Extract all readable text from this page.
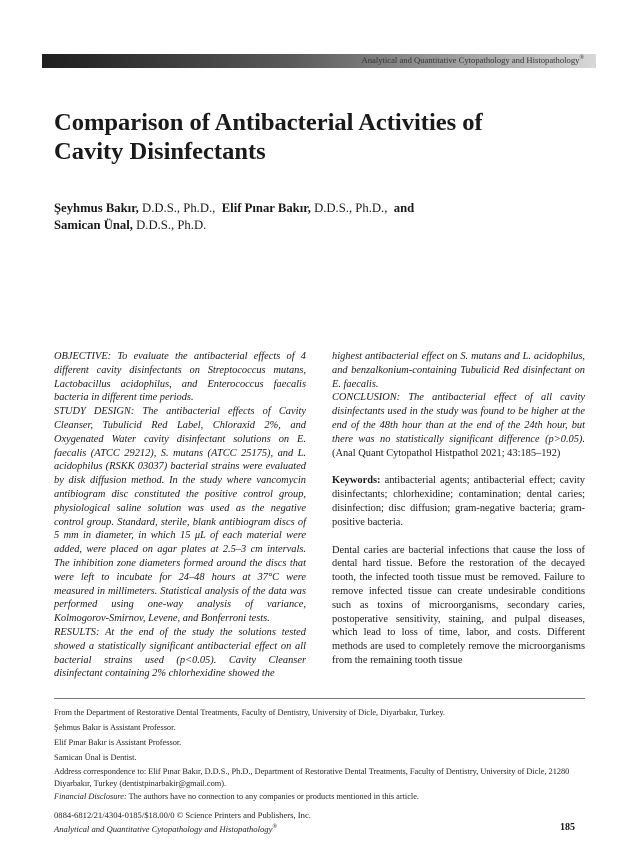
Analytical and Quantitative Cytopathology and Histopathology®
Comparison of Antibacterial Activities of
Cavity Disinfectants
Şeyhmus Bakır, D.D.S., Ph.D., Elif Pınar Bakır, D.D.S., Ph.D., and
Samican Ünal, D.D.S., Ph.D.

OBJECTIVE: To evaluate the antibacterial effects of 4 different cavity disinfectants on Streptococcus mutans, Lactobacillus acidophilus, and Enterococcus faecalis bacteria in different time periods.

STUDY DESIGN: The antibacterial effects of Cavity Cleanser, Tubulicid Red Label, Chloraxid 2%, and Oxygenated Water cavity disinfectant solutions on E. faecalis (ATCC 29212), S. mutans (ATCC 25175), and L. acidophilus (RSKK 03037) bacterial strains were evaluated by disk diffusion method. In the study where vancomycin antibiogram disc constituted the positive control group, physiological saline solution was used as the negative control group. Standard, sterile, blank antibiogram discs of 5 mm in diameter, in which 15 μL of each material were added, were placed on agar plates at 2.5–3 cm intervals. The inhibition zone diameters formed around the discs that were left to incubate for 24–48 hours at 37°C were measured in millimeters. Statistical analysis of the data was performed using one-way analysis of variance, Kolmogorov-Smirnov, Levene, and Bonferroni tests.

RESULTS: At the end of the study the solutions tested showed a statistically significant antibacterial effect on all bacterial strains used (p<0.05). Cavity Cleanser disinfectant containing 2% chlorhexidine showed the

highest antibacterial effect on S. mutans and L. acidophilus, and benzalkonium-containing Tubulicid Red disinfectant on E. faecalis.

CONCLUSION: The antibacterial effect of all cavity disinfectants used in the study was found to be higher at the end of the 48th hour than at the end of the 24th hour, but there was no statistically significant difference (p>0.05). (Anal Quant Cytopathol Histpathol 2021; 43:185–192)

Keywords: antibacterial agents; antibacterial effect; cavity disinfectants; chlorhexidine; contamination; dental caries; disinfection; disc diffusion; gram-negative bacteria; gram-positive bacteria.

Dental caries are bacterial infections that cause the loss of dental hard tissue. Before the restoration of the decayed tooth, the infected tooth tissue must be removed. Failure to remove infected tissue can create undesirable conditions such as toxins of microorganisms, secondary caries, postoperative sensitivity, staining, and pulpal diseases, which lead to loss of time, labor, and costs. Different methods are used to completely remove the microorganisms from the remaining tooth tissue

From the Department of Restorative Dental Treatments, Faculty of Dentistry, University of Dicle, Diyarbakır, Turkey.
Şehmus Bakır is Assistant Professor.
Elif Pınar Bakır is Assistant Professor.
Samican Ünal is Dentist.
Address correspondence to: Elif Pınar Bakır, D.D.S., Ph.D., Department of Restorative Dental Treatments, Faculty of Dentistry, University of Dicle, 21280 Diyarbakır, Turkey (dentistpinarbakir@gmail.com).
Financial Disclosure: The authors have no connection to any companies or products mentioned in this article.
0884-6812/21/4304-0185/$18.00/0 © Science Printers and Publishers, Inc.
Analytical and Quantitative Cytopathology and Histopathology®	185
